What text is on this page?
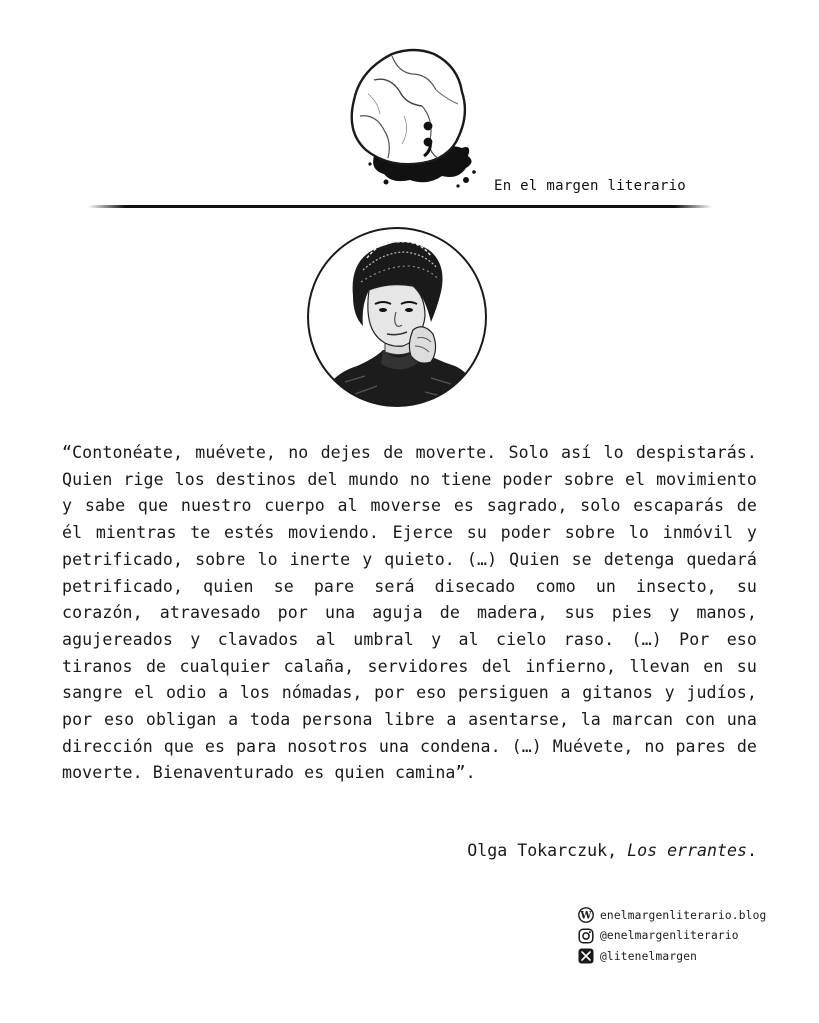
En el margen literario

“Contonéate, muévete, no dejes de moverte. Solo así lo despistarás. Quien rige los destinos del mundo no tiene poder sobre el movimiento y sabe que nuestro cuerpo al moverse es sagrado, solo escaparás de él mientras te estés moviendo. Ejerce su poder sobre lo inmóvil y petrificado, sobre lo inerte y quieto. (…) Quien se detenga quedará petrificado, quien se pare será disecado como un insecto, su corazón, atravesado por una aguja de madera, sus pies y manos, agujereados y clavados al umbral y al cielo raso. (…) Por eso tiranos de cualquier calaña, servidores del infierno, llevan en su sangre el odio a los nómadas, por eso persiguen a gitanos y judíos, por eso obligan a toda persona libre a asentarse, la marcan con una dirección que es para nosotros una condena. (…) Muévete, no pares de moverte. Bienaventurado es quien camina”.

Olga Tokarczuk, Los errantes.
W enelmargenliterario.blog
@enelmargenliterario
@litenelmargen
